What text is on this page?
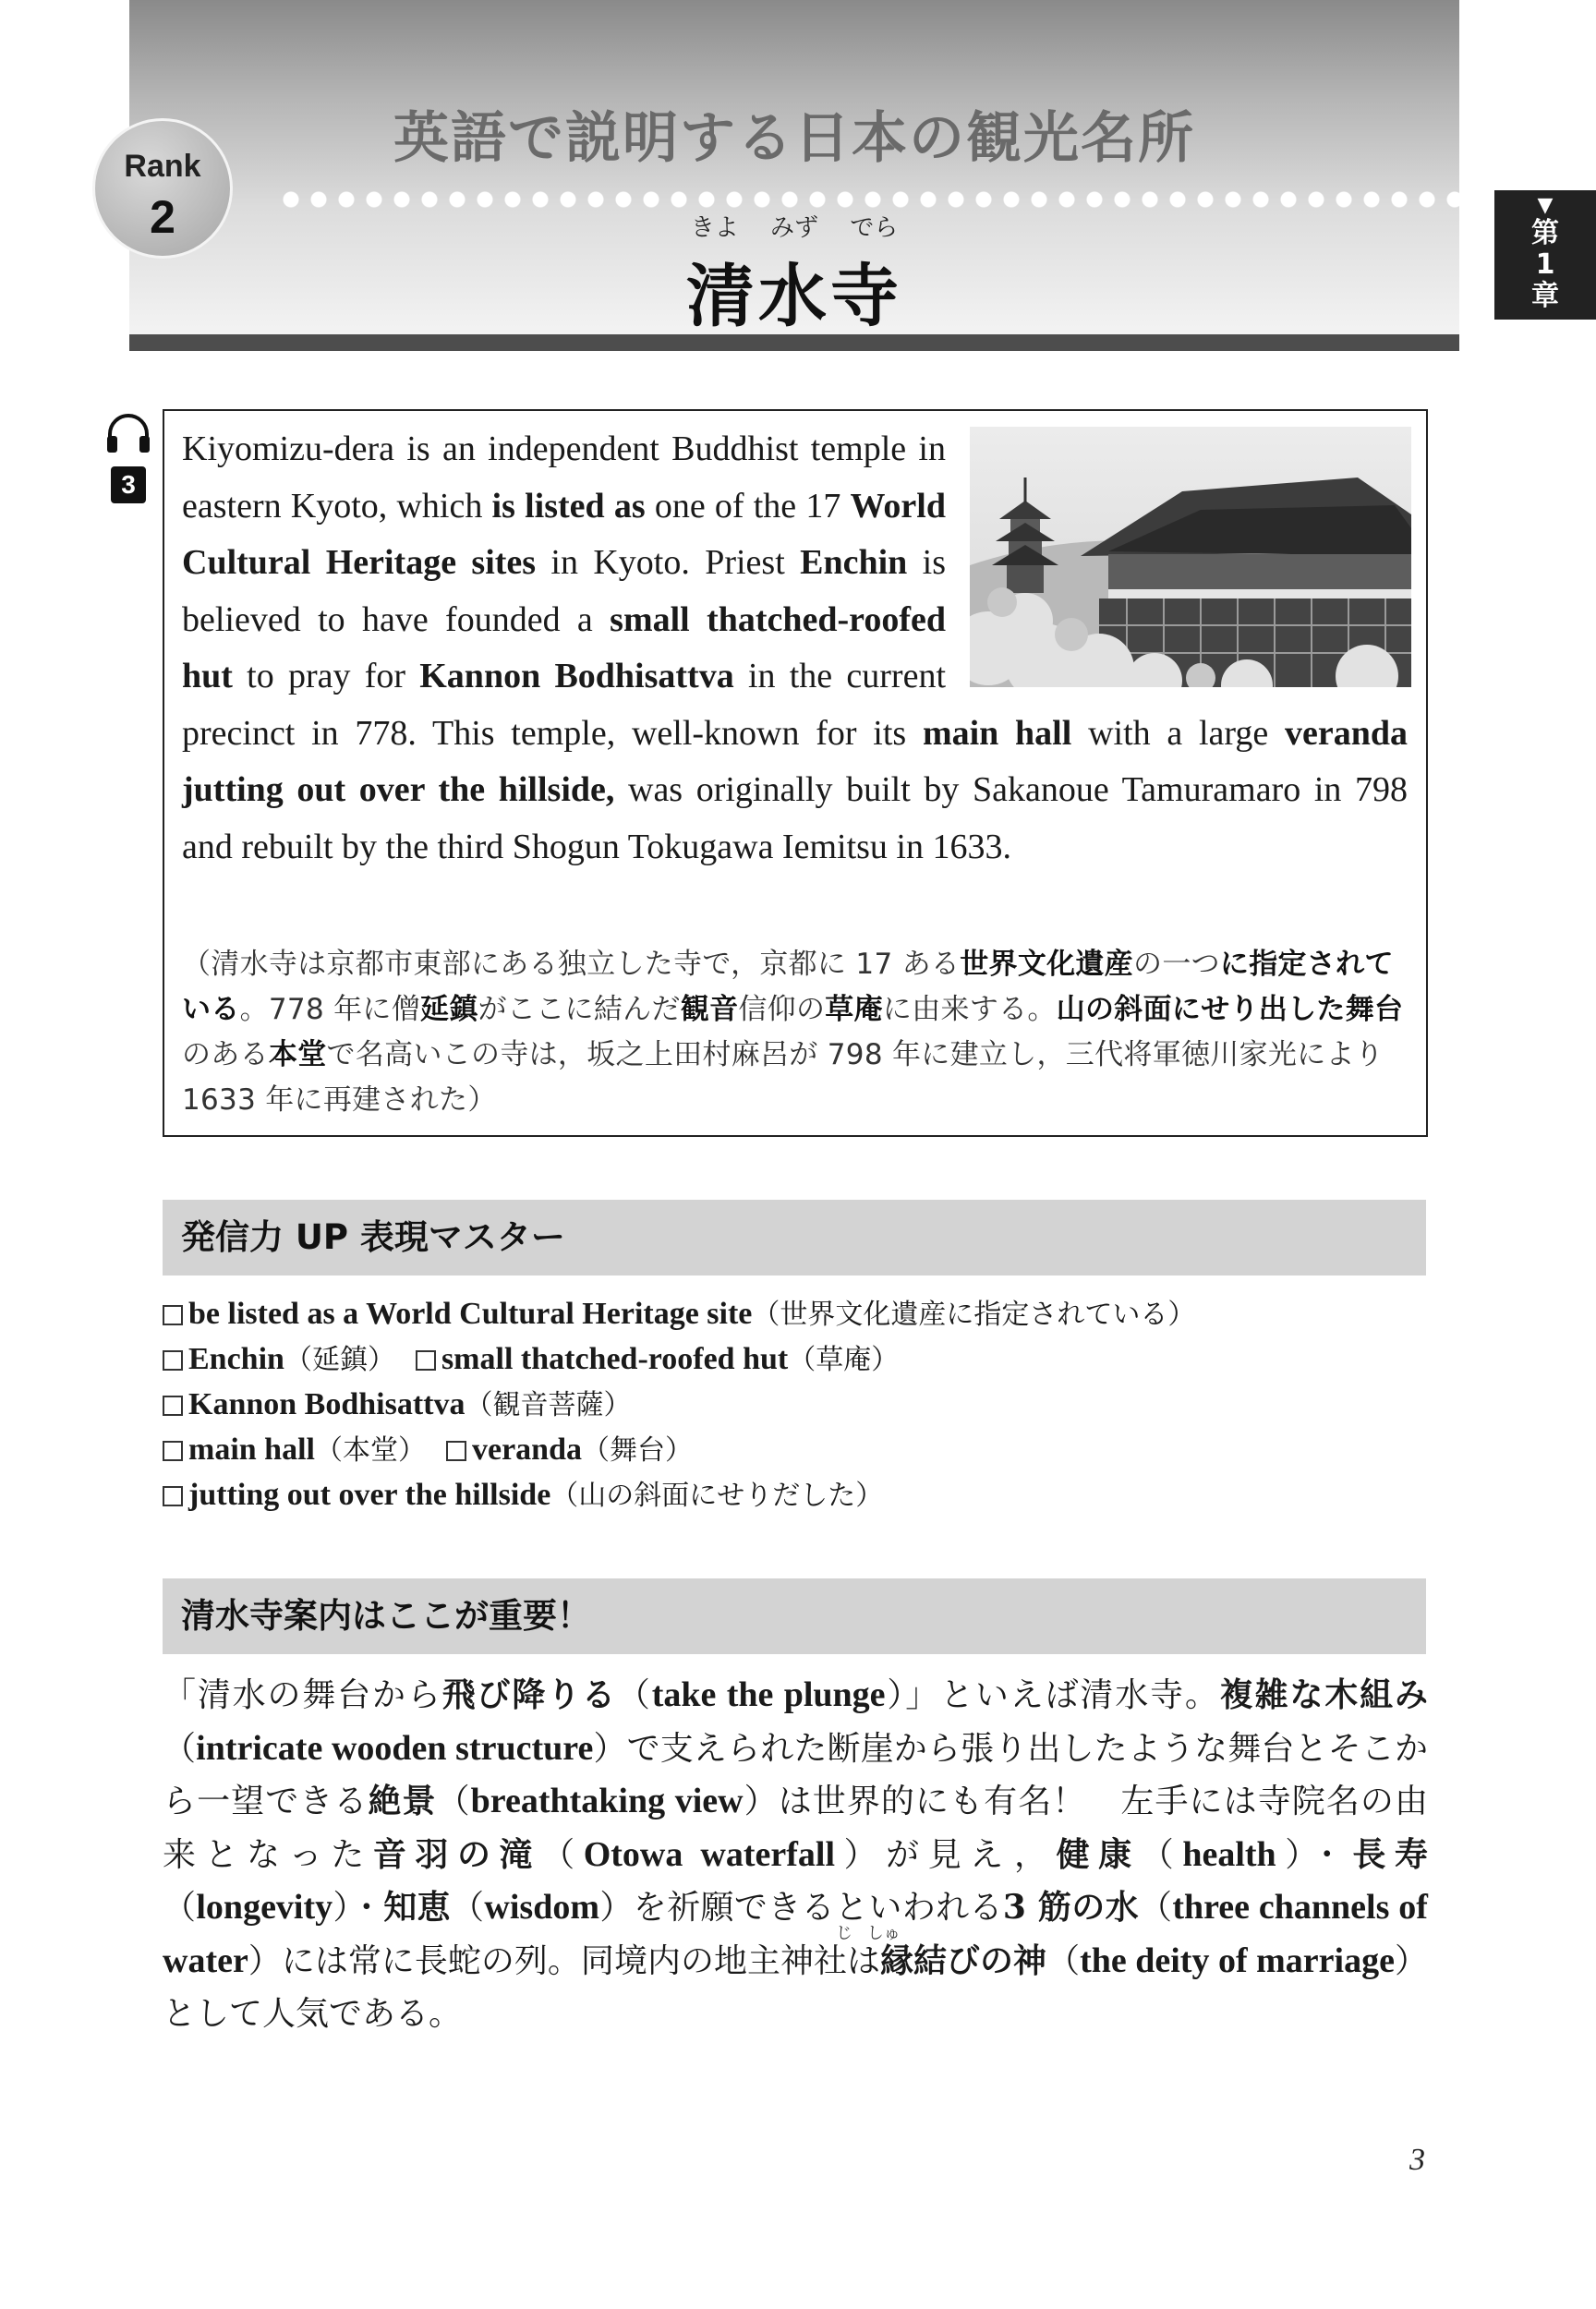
英語で説明する日本の観光名所
きよ みず でら
清水寺
Rank
2	▼
第
1
章
3

Kiyomizu-dera is an independent Buddhist temple in eastern Kyoto, which is listed as one of the 17 World Cultural Heritage sites in Kyoto. Priest Enchin is believed to have founded a small thatched-roofed hut to pray for Kannon Bodhisattva in the current precinct in 778. This temple, well-known for its main hall with a large veranda jutting out over the hillside, was originally built by Sakanoue Tamuramaro in 798 and rebuilt by the third Shogun Tokugawa Iemitsu in 1633.

（清水寺は京都市東部にある独立した寺で，京都に 17 ある世界文化遺産の一つに指定されている。778 年に僧延鎮がここに結んだ観音信仰の草庵に由来する。山の斜面にせり出した舞台のある本堂で名高いこの寺は，坂之上田村麻呂が 798 年に建立し，三代将軍徳川家光により 1633 年に再建された）

発信力 UP 表現マスター
be listed as a World Cultural Heritage site（世界文化遺産に指定されている）
Enchin（延鎮） small thatched-roofed hut（草庵）
Kannon Bodhisattva（観音菩薩）
main hall（本堂） veranda（舞台）
jutting out over the hillside（山の斜面にせりだした）
清水寺案内はここが重要！
じ しゅ

「清水の舞台から飛び降りる（take the plunge）」といえば清水寺。複雑な木組み（intricate wooden structure）で支えられた断崖から張り出したような舞台とそこから一望できる絶景（breathtaking view）は世界的にも有名！　左手には寺院名の由来となった音羽の滝（Otowa waterfall）が見え，健康（health）・長寿（longevity）・知恵（wisdom）を祈願できるといわれる3 筋の水（three channels of water）には常に長蛇の列。同境内の地主神社は縁結びの神（the deity of marriage）として人気である。

3
